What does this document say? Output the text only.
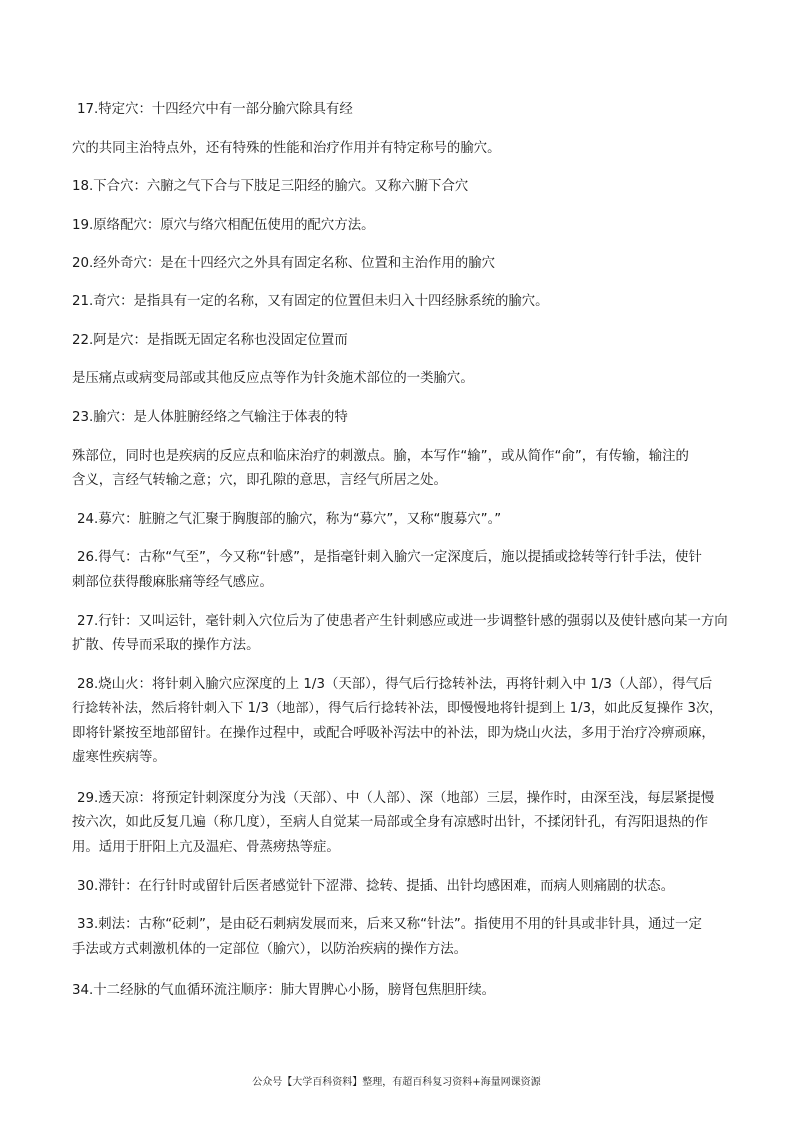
17.特定穴：十四经穴中有一部分腧穴除具有经
穴的共同主治特点外，还有特殊的性能和治疗作用并有特定称号的腧穴。
18.下合穴：六腑之气下合与下肢足三阳经的腧穴。又称六腑下合穴
19.原络配穴：原穴与络穴相配伍使用的配穴方法。
20.经外奇穴：是在十四经穴之外具有固定名称、位置和主治作用的腧穴
21.奇穴：是指具有一定的名称，又有固定的位置但未归入十四经脉系统的腧穴。
22.阿是穴：是指既无固定名称也没固定位置而
是压痛点或病变局部或其他反应点等作为针灸施术部位的一类腧穴。
23.腧穴：是人体脏腑经络之气输注于体表的特
殊部位，同时也是疾病的反应点和临床治疗的刺激点。腧，本写作“输”，或从简作“俞”，有传输，输注的
含义，言经气转输之意；穴，即孔隙的意思，言经气所居之处。
24.募穴：脏腑之气汇聚于胸腹部的腧穴，称为“募穴”，又称“腹募穴”。”
26.得气：古称“气至”，今又称“针感”，是指毫针刺入腧穴一定深度后，施以提插或捻转等行针手法，使针
刺部位获得酸麻胀痛等经气感应。
27.行针：又叫运针，毫针刺入穴位后为了使患者产生针刺感应或进一步调整针感的强弱以及使针感向某一方向
扩散、传导而采取的操作方法。
28.烧山火：将针刺入腧穴应深度的上 1/3（天部），得气后行捻转补法，再将针刺入中 1/3（人部），得气后
行捻转补法，然后将针刺入下 1/3（地部），得气后行捻转补法，即慢慢地将针提到上 1/3，如此反复操作 3次，
即将针紧按至地部留针。在操作过程中，或配合呼吸补泻法中的补法，即为烧山火法，多用于治疗冷痹顽麻，
虚寒性疾病等。
29.透天凉：将预定针刺深度分为浅（天部）、中（人部）、深（地部）三层，操作时，由深至浅，每层紧提慢
按六次，如此反复几遍（称几度），至病人自觉某一局部或全身有凉感时出针，不揉闭针孔，有泻阳退热的作
用。适用于肝阳上亢及温疟、骨蒸痨热等症。
30.滞针：在行针时或留针后医者感觉针下涩滞、捻转、提插、出针均感困难，而病人则痛剧的状态。
33.刺法：古称“砭刺”，是由砭石刺病发展而来，后来又称“针法”。指使用不用的针具或非针具，通过一定
手法或方式刺激机体的一定部位（腧穴），以防治疾病的操作方法。
34.十二经脉的气血循环流注顺序：肺大胃脾心小肠，膀肾包焦胆肝续。
公众号【大学百科资料】整理，有超百科复习资料+海量网课资源
